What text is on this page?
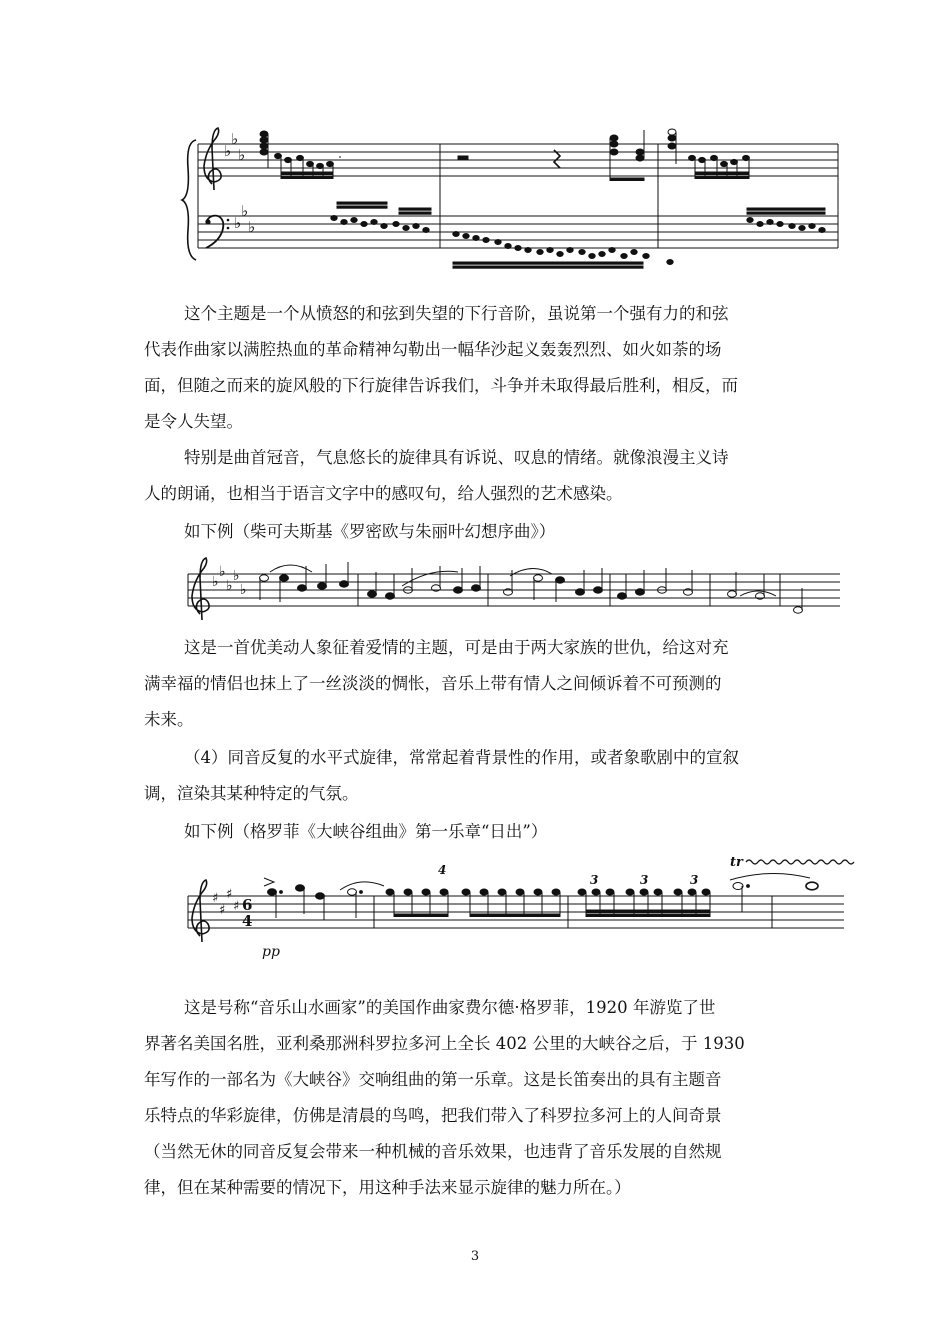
♭
♭
♭
♭
♭
♭

这个主题是一个从愤怒的和弦到失望的下行音阶，虽说第一个强有力的和弦
代表作曲家以满腔热血的革命精神勾勒出一幅华沙起义轰轰烈烈、如火如荼的场
面，但随之而来的旋风般的下行旋律告诉我们，斗争并未取得最后胜利，相反，而
是令人失望。

特别是曲首冠音，气息悠长的旋律具有诉说、叹息的情绪。就像浪漫主义诗
人的朗诵，也相当于语言文字中的感叹句，给人强烈的艺术感染。

如下例（柴可夫斯基《罗密欧与朱丽叶幻想序曲》）

♭
♭
♭
♭
♭

这是一首优美动人象征着爱情的主题，可是由于两大家族的世仇，给这对充
满幸福的情侣也抹上了一丝淡淡的惆怅，音乐上带有情人之间倾诉着不可预测的
未来。

（4）同音反复的水平式旋律，常常起着背景性的作用，或者象歌剧中的宣叙
调，渲染其某种特定的气氛。

如下例（格罗菲《大峡谷组曲》第一乐章“日出”）

♯
♯
♯
♯ 6
4
pp
4
3	3	3
tr

这是号称“音乐山水画家”的美国作曲家费尔德·格罗菲，1920 年游览了世
界著名美国名胜，亚利桑那洲科罗拉多河上全长 402 公里的大峡谷之后，于 1930
年写作的一部名为《大峡谷》交响组曲的第一乐章。这是长笛奏出的具有主题音
乐特点的华彩旋律，仿佛是清晨的鸟鸣，把我们带入了科罗拉多河上的人间奇景
（当然无休的同音反复会带来一种机械的音乐效果，也违背了音乐发展的自然规
律，但在某种需要的情况下，用这种手法来显示旋律的魅力所在。）

3
